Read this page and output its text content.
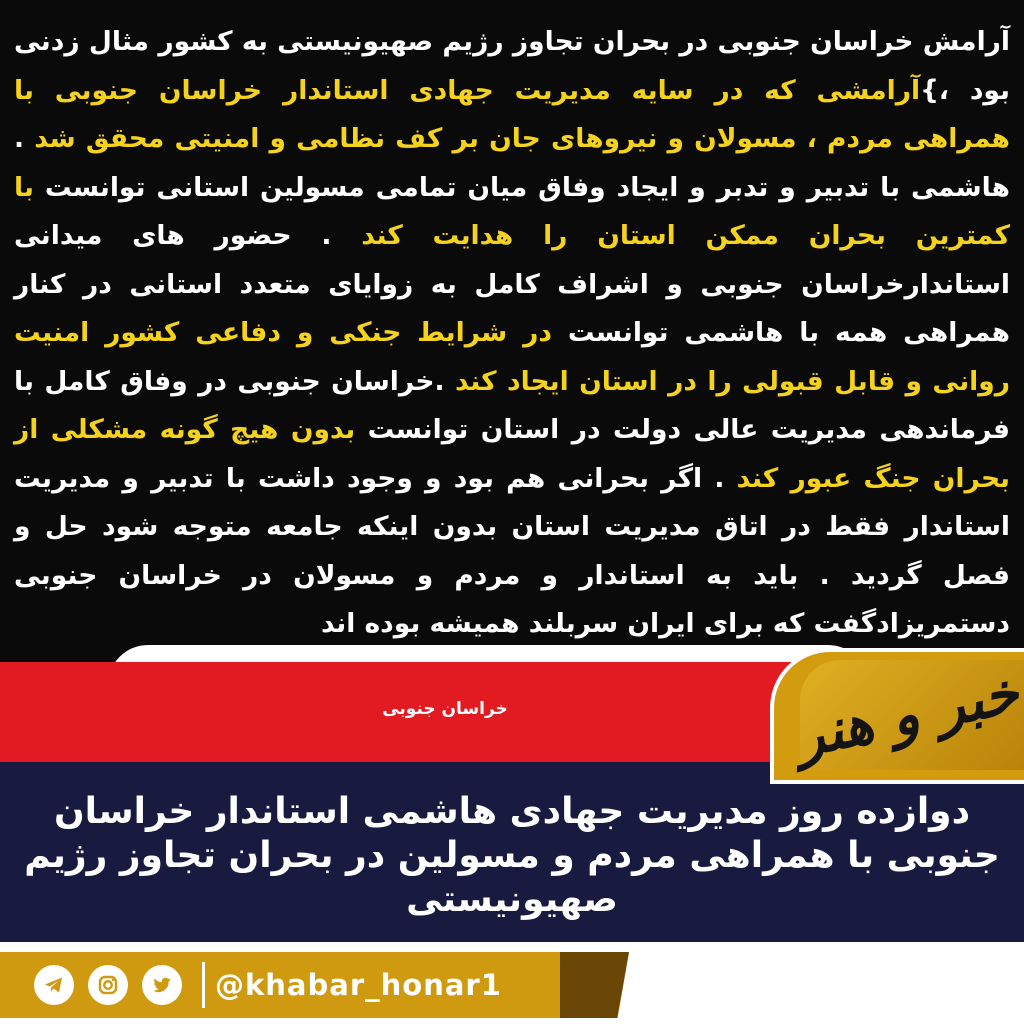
آرامش خراسان جنوبی در بحران تجاوز رژیم صهیونیستی به کشور مثال زدنی بود ،}آرامشی که در سایه مدیریت جهادی استاندار خراسان جنوبی با همراهی مردم ، مسولان و نیروهای جان بر کف نظامی و امنیتی محقق شد . هاشمی با تدبیر و تدبر و ایجاد وفاق میان تمامی مسولین استانی توانست با کمترین بحران ممکن استان را هدایت کند . حضور های میدانی استاندارخراسان جنوبی و اشراف کامل به زوایای متعدد استانی در کنار همراهی همه با هاشمی توانست در شرایط جنکی و دفاعی کشور امنیت روانی و قابل قبولی را در استان ایجاد کند .خراسان جنوبی در وفاق کامل با فرماندهی مدیریت عالی دولت در استان توانست بدون هیچ گونه مشکلی از بحران جنگ عبور کند . اگر بحرانی هم بود و وجود داشت با تدبیر و مدیریت استاندار فقط در اتاق مدیریت استان بدون اینکه جامعه متوجه شود حل و فصل گردید . باید به استاندار و مردم و مسولان در خراسان جنوبی دستمریزادگفت که برای ایران سربلند همیشه بوده اند

خراسان جنوبی

دوازده روز مدیریت جهادی هاشمی استاندار خراسان جنوبی با همراهی مردم و مسولین در بحران تجاوز رژیم صهیونیستی

خبر و هنر
@khabar_honar1
